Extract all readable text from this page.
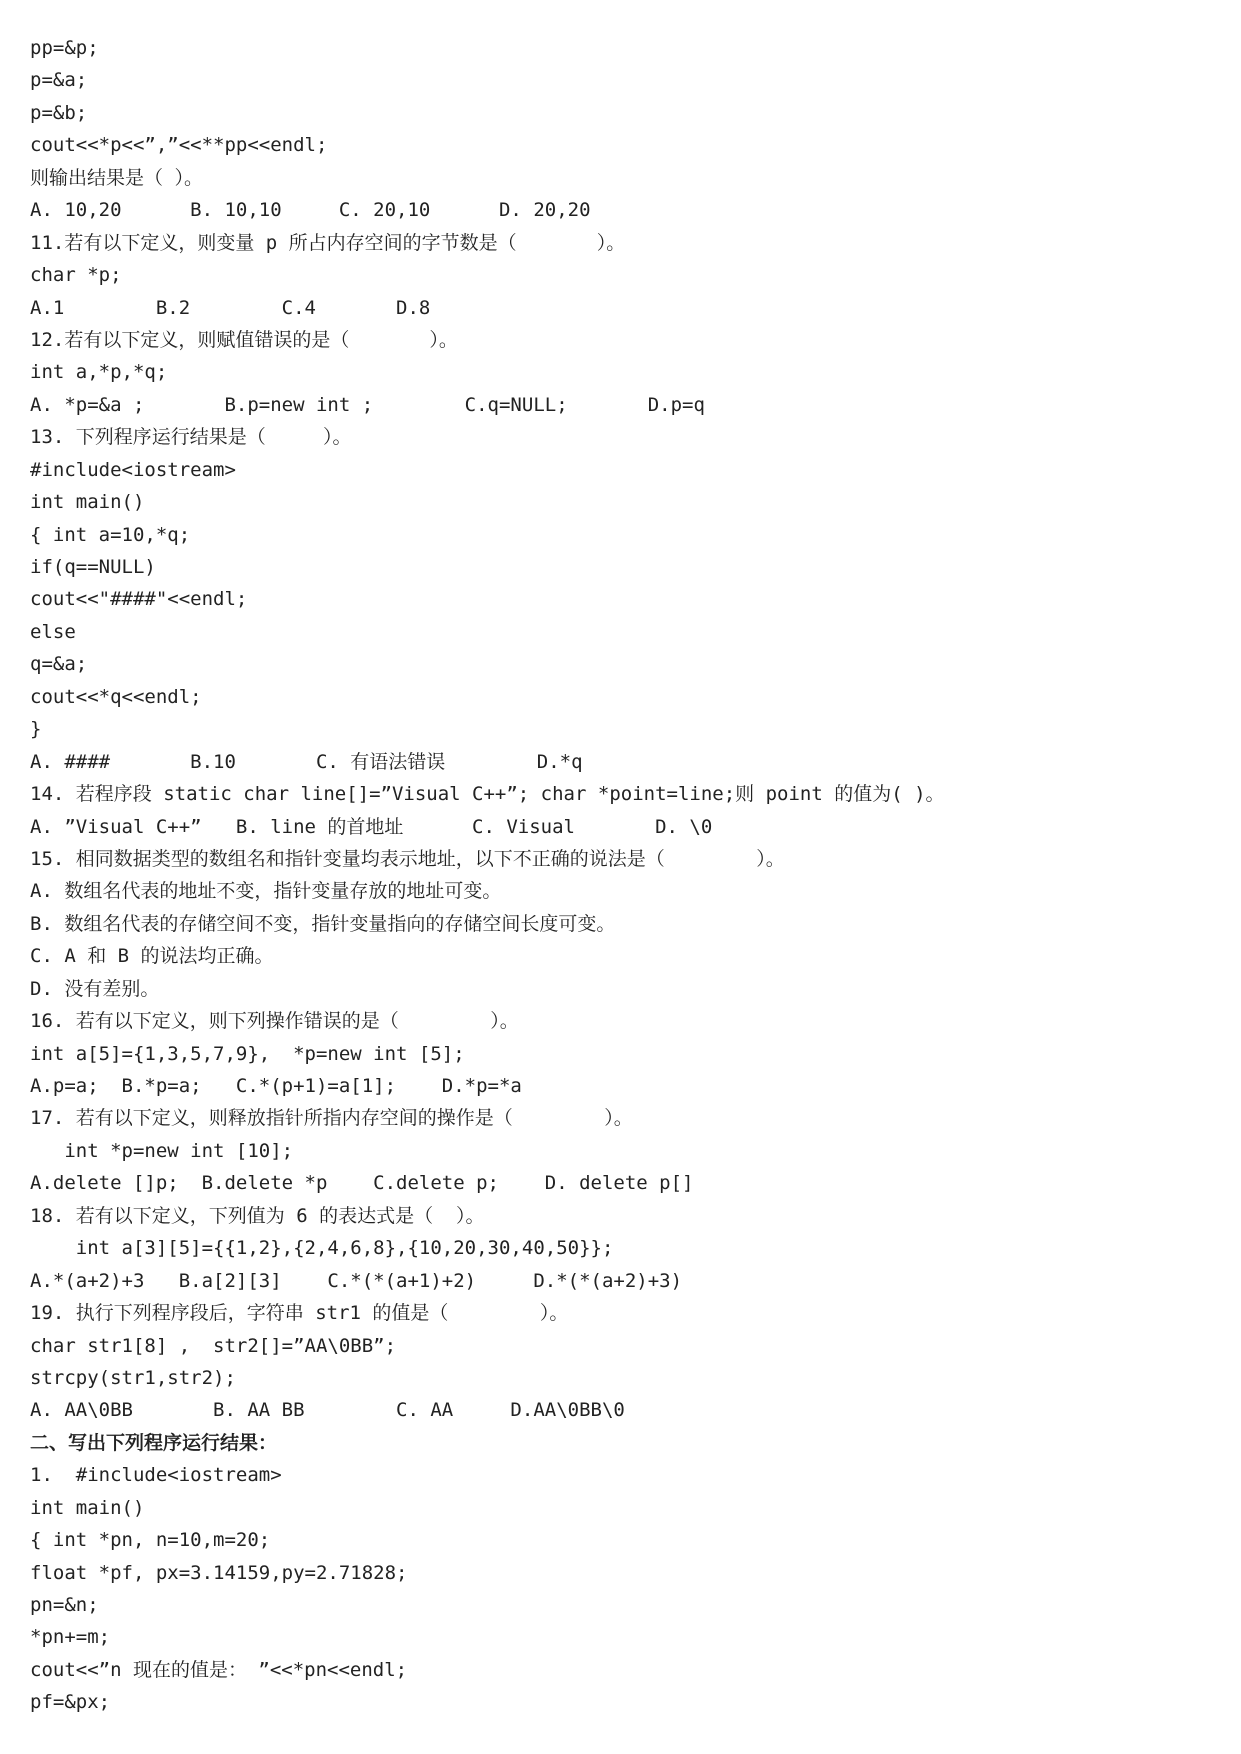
pp=&p;
p=&a;
p=&b;
cout<<*p<<”,”<<**pp<<endl;
则输出结果是（ ）。
A. 10,20      B. 10,10     C. 20,10      D. 20,20
11.若有以下定义，则变量 p 所占内存空间的字节数是（       ）。
char *p;
A.1        B.2        C.4       D.8
12.若有以下定义，则赋值错误的是（       ）。
int a,*p,*q;
A. *p=&a ;       B.p=new int ;        C.q=NULL;       D.p=q
13. 下列程序运行结果是（     ）。
#include<iostream>
int main()
{ int a=10,*q;
if(q==NULL)
cout<<"####"<<endl;
else
q=&a;
cout<<*q<<endl;
}
A. ####       B.10       C. 有语法错误        D.*q
14. 若程序段 static char line[]=”Visual C++”; char *point=line;则 point 的值为( )。
A. ”Visual C++”   B. line 的首地址      C. Visual       D. \0
15. 相同数据类型的数组名和指针变量均表示地址，以下不正确的说法是（        ）。
A. 数组名代表的地址不变，指针变量存放的地址可变。
B. 数组名代表的存储空间不变，指针变量指向的存储空间长度可变。
C. A 和 B 的说法均正确。
D. 没有差别。
16. 若有以下定义，则下列操作错误的是（        ）。
int a[5]={1,3,5,7,9},  *p=new int [5];
A.p=a;  B.*p=a;   C.*(p+1)=a[1];    D.*p=*a
17. 若有以下定义，则释放指针所指内存空间的操作是（        ）。
int *p=new int [10];
A.delete []p;  B.delete *p    C.delete p;    D. delete p[]
18. 若有以下定义，下列值为 6 的表达式是（  ）。
int a[3][5]={{1,2},{2,4,6,8},{10,20,30,40,50}};
A.*(a+2)+3   B.a[2][3]    C.*(*(a+1)+2)     D.*(*(a+2)+3)
19. 执行下列程序段后，字符串 str1 的值是（        ）。
char str1[8] ,  str2[]=”AA\0BB”;
strcpy(str1,str2);
A. AA\0BB       B. AA BB        C. AA     D.AA\0BB\0
二、写出下列程序运行结果：
1.  #include<iostream>
int main()
{ int *pn, n=10,m=20;
float *pf, px=3.14159,py=2.71828;
pn=&n;
*pn+=m;
cout<<”n 现在的值是： ”<<*pn<<endl;
pf=&px;
